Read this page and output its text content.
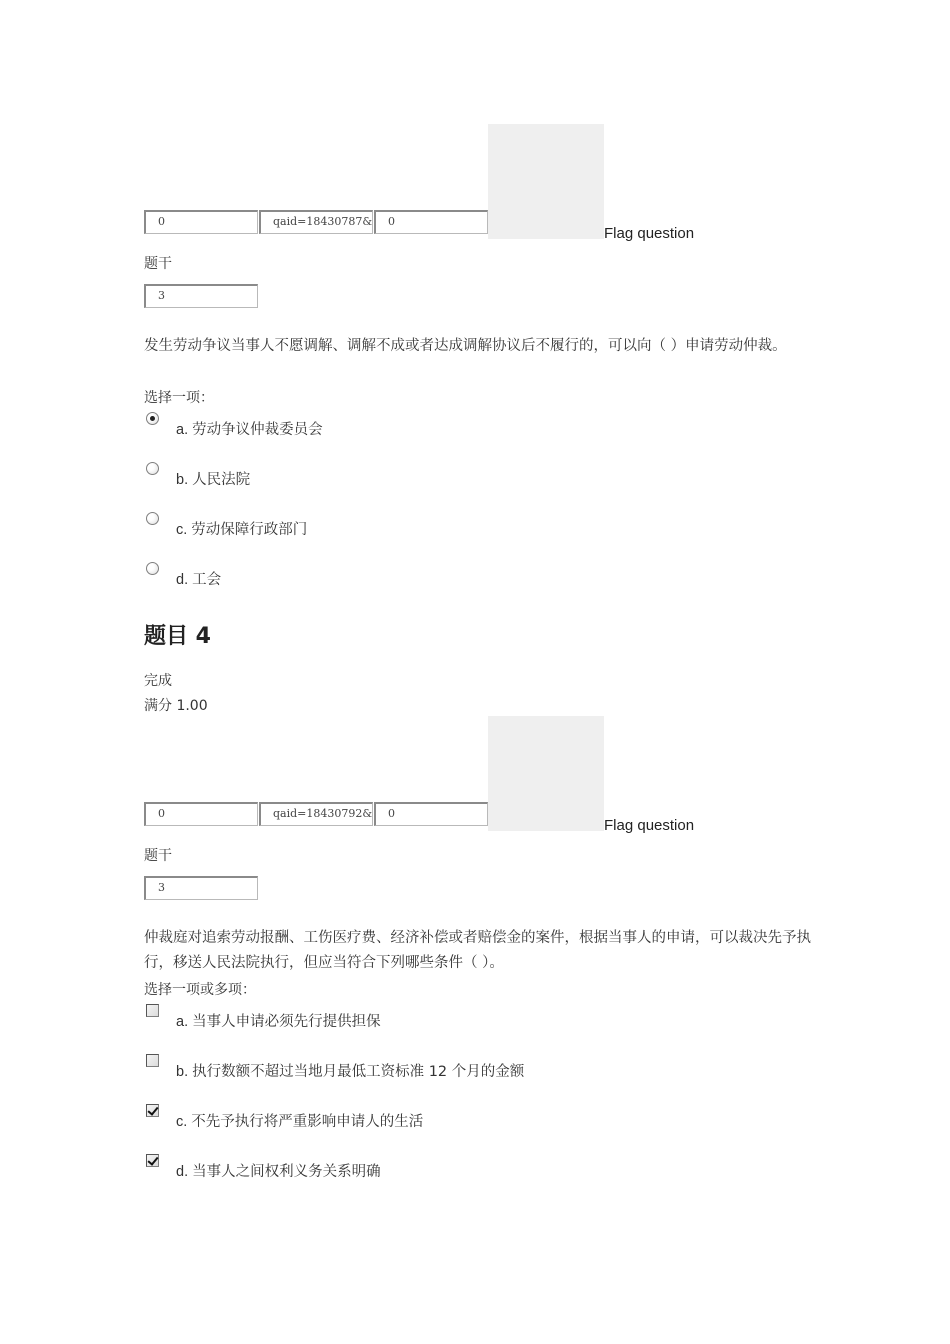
0	qaid=18430787&	0
Flag question
题干
3
发生劳动争议当事人不愿调解、调解不成或者达成调解协议后不履行的，可以向（ ）申请劳动仲裁。
选择一项：
a. 劳动争议仲裁委员会
b. 人民法院
c. 劳动保障行政部门
d. 工会
题目 4
完成
满分 1.00
0	qaid=18430792&	0
Flag question
题干
3
仲裁庭对追索劳动报酬、工伤医疗费、经济补偿或者赔偿金的案件，根据当事人的申请，可以裁决先予执行，移送人民法院执行，但应当符合下列哪些条件（ ）。
选择一项或多项：
a. 当事人申请必须先行提供担保
b. 执行数额不超过当地月最低工资标准 12 个月的金额
c. 不先予执行将严重影响申请人的生活
d. 当事人之间权利义务关系明确
